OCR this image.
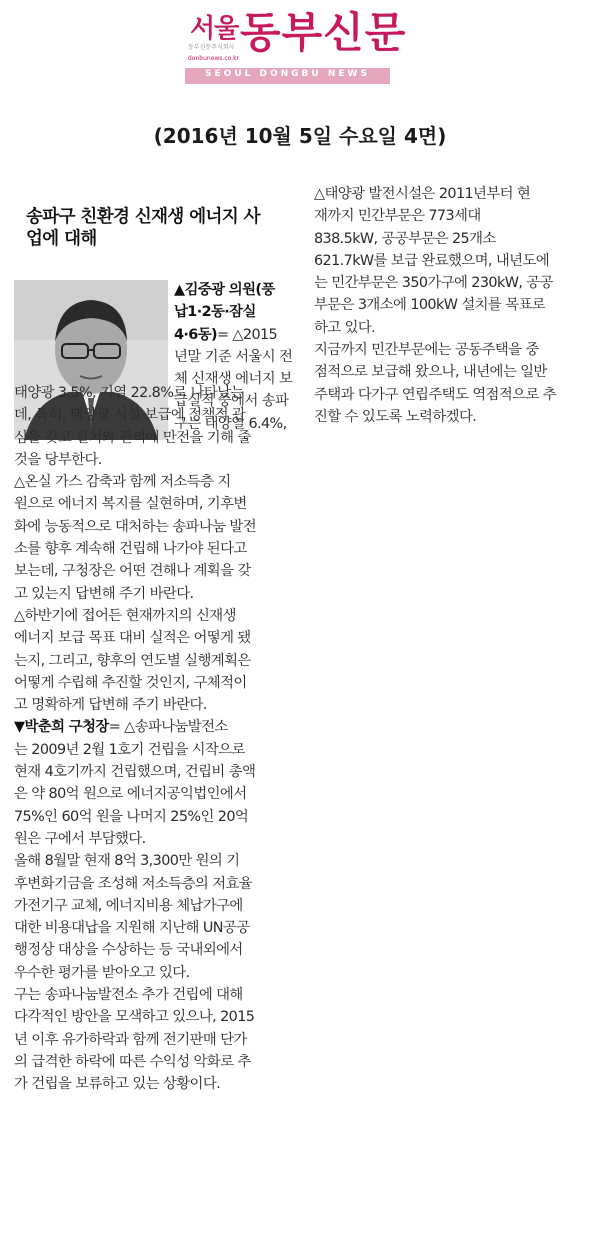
서울 동부신문
동부신문주식회사
donbunews.co.kr
SEOUL DONGBU NEWS
(2016년 10월 5일 수요일 4면)
송파구 친환경 신재생 에너지 사
업에 대해
▲김중광 의원(풍
납1·2동·잠실
4·6동)= △2015
년말 기준 서울시 전
체 신재생 에너지 보
급실적 중에서 송파
구는 태양열 6.4%,
태양광 3.5%, 지열 22.8%로 나타났는
데, 특히, 태양광 시설 보급에 정책적 관
심을 갖고 설치와 관리에 만전을 기해 줄
것을 당부한다.
△온실 가스 감축과 함께 저소득층 지
원으로 에너지 복지를 실현하며, 기후변
화에 능동적으로 대처하는 송파나눔 발전
소를 향후 계속해 건립해 나가야 된다고
보는데, 구청장은 어떤 견해나 계획을 갖
고 있는지 답변해 주기 바란다.
△하반기에 접어든 현재까지의 신재생
에너지 보급 목표 대비 실적은 어떻게 됐
는지, 그리고, 향후의 연도별 실행계획은
어떻게 수립해 추진할 것인지, 구체적이
고 명확하게 답변해 주기 바란다.
▼박춘희 구청장= △송파나눔발전소
는 2009년 2월 1호기 건립을 시작으로
현재 4호기까지 건립했으며, 건립비 총액
은 약 80억 원으로 에너지공익법인에서
75%인 60억 원을 나머지 25%인 20억
원은 구에서 부담했다.
올해 8월말 현재 8억 3,300만 원의 기
후변화기금을 조성해 저소득층의 저효율
가전기구 교체, 에너지비용 체납가구에
대한 비용대납을 지원해 지난해 UN공공
행정상 대상을 수상하는 등 국내외에서
우수한 평가를 받아오고 있다.
구는 송파나눔발전소 추가 건립에 대해
다각적인 방안을 모색하고 있으나, 2015
년 이후 유가하락과 함께 전기판매 단가
의 급격한 하락에 따른 수익성 악화로 추
가 건립을 보류하고 있는 상황이다.
△태양광 발전시설은 2011년부터 현
재까지 민간부문은 773세대
838.5kW, 공공부문은 25개소
621.7kW를 보급 완료했으며, 내년도에
는 민간부문은 350가구에 230kW, 공공
부문은 3개소에 100kW 설치를 목표로
하고 있다.
지금까지 민간부문에는 공동주택을 중
점적으로 보급해 왔으나, 내년에는 일반
주택과 다가구 연립주택도 역점적으로 추
진할 수 있도록 노력하겠다.
